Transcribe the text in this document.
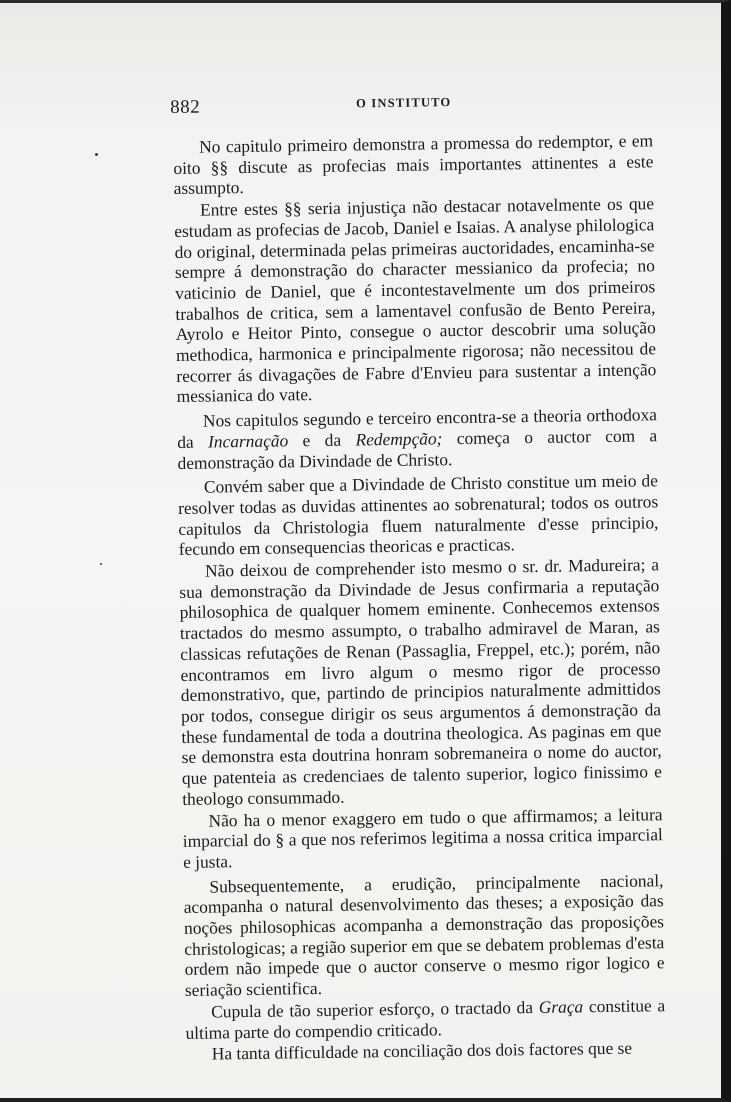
882	O INSTITUTO

No capitulo primeiro demonstra a promessa do redemptor, e em oito §§ discute as profecias mais importantes attinentes a este assumpto.

Entre estes §§ seria injustiça não destacar notavelmente os que estudam as profecias de Jacob, Daniel e Isaias. A analyse philologica do original, determinada pelas primeiras auctoridades, encaminha-se sempre á demonstração do character messianico da profecia; no vaticinio de Daniel, que é incontestavelmente um dos primeiros trabalhos de critica, sem a lamentavel confusão de Bento Pereira, Ayrolo e Heitor Pinto, consegue o auctor descobrir uma solução methodica, harmonica e principalmente rigorosa; não necessitou de recorrer ás divagações de Fabre d'Envieu para sustentar a intenção messianica do vate.

Nos capitulos segundo e terceiro encontra-se a theoria orthodoxa da Incarnação e da Redempção; começa o auctor com a demonstração da Divindade de Christo.

Convém saber que a Divindade de Christo constitue um meio de resolver todas as duvidas attinentes ao sobrenatural; todos os outros capitulos da Christologia fluem naturalmente d'esse principio, fecundo em consequencias theoricas e practicas.

Não deixou de comprehender isto mesmo o sr. dr. Madureira; a sua demonstração da Divindade de Jesus confirmaria a reputação philosophica de qualquer homem eminente. Conhecemos extensos tractados do mesmo assumpto, o trabalho admiravel de Maran, as classicas refutações de Renan (Passaglia, Freppel, etc.); porém, não encontramos em livro algum o mesmo rigor de processo demonstrativo, que, partindo de principios naturalmente admittidos por todos, consegue dirigir os seus argumentos á demonstração da these fundamental de toda a doutrina theologica. As paginas em que se demonstra esta doutrina honram sobremaneira o nome do auctor, que patenteia as credenciaes de talento superior, logico finissimo e theologo consummado.

Não ha o menor exaggero em tudo o que affirmamos; a leitura imparcial do § a que nos referimos legitima a nossa critica imparcial e justa.

Subsequentemente, a erudição, principalmente nacional, acompanha o natural desenvolvimento das theses; a exposição das noções philosophicas acompanha a demonstração das proposições christologicas; a região superior em que se debatem problemas d'esta ordem não impede que o auctor conserve o mesmo rigor logico e seriação scientifica.

Cupula de tão superior esforço, o tractado da Graça constitue a ultima parte do compendio criticado.

Ha tanta difficuldade na conciliação dos dois factores que se
